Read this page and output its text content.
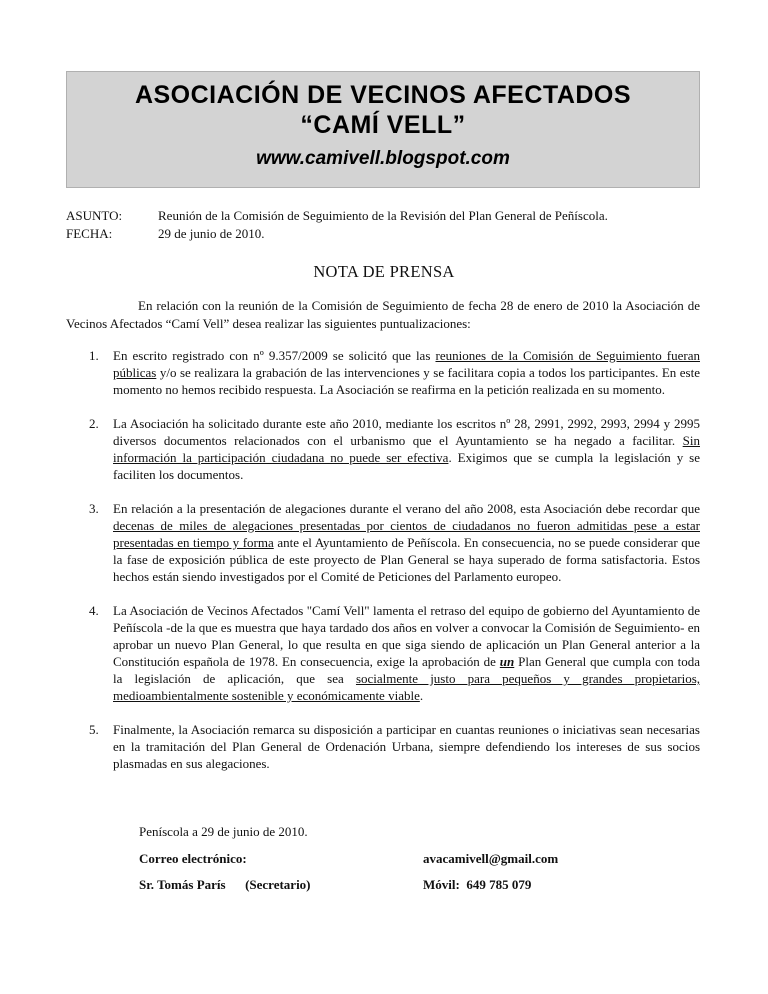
ASOCIACIÓN DE VECINOS AFECTADOS
“CAMÍ VELL”
www.camivell.blogspot.com
ASUNTO:	Reunión de la Comisión de Seguimiento de la Revisión del Plan General de Peñíscola.
FECHA:	29 de junio de 2010.
NOTA DE PRENSA
En relación con la reunión de la Comisión de Seguimiento de fecha 28 de enero de 2010 la Asociación de Vecinos Afectados “Camí Vell” desea realizar las siguientes puntualizaciones:
1. En escrito registrado con nº 9.357/2009 se solicitó que las reuniones de la Comisión de Seguimiento fueran públicas y/o se realizara la grabación de las intervenciones y se facilitara copia a todos los participantes. En este momento no hemos recibido respuesta. La Asociación se reafirma en la petición realizada en su momento.
2. La Asociación ha solicitado durante este año 2010, mediante los escritos nº 28, 2991, 2992, 2993, 2994 y 2995 diversos documentos relacionados con el urbanismo que el Ayuntamiento se ha negado a facilitar. Sin información la participación ciudadana no puede ser efectiva. Exigimos que se cumpla la legislación y se faciliten los documentos.
3. En relación a la presentación de alegaciones durante el verano del año 2008, esta Asociación debe recordar que decenas de miles de alegaciones presentadas por cientos de ciudadanos no fueron admitidas pese a estar presentadas en tiempo y forma ante el Ayuntamiento de Peñíscola. En consecuencia, no se puede considerar que la fase de exposición pública de este proyecto de Plan General se haya superado de forma satisfactoria. Estos hechos están siendo investigados por el Comité de Peticiones del Parlamento europeo.
4. La Asociación de Vecinos Afectados "Camí Vell" lamenta el retraso del equipo de gobierno del Ayuntamiento de Peñíscola -de la que es muestra que haya tardado dos años en volver a convocar la Comisión de Seguimiento- en aprobar un nuevo Plan General, lo que resulta en que siga siendo de aplicación un Plan General anterior a la Constitución española de 1978. En consecuencia, exige la aprobación de un Plan General que cumpla con toda la legislación de aplicación, que sea socialmente justo para pequeños y grandes propietarios, medioambientalmente sostenible y económicamente viable.
5. Finalmente, la Asociación remarca su disposición a participar en cuantas reuniones o iniciativas sean necesarias en la tramitación del Plan General de Ordenación Urbana, siempre defendiendo los intereses de sus socios plasmadas en sus alegaciones.
Peníscola a 29 de junio de 2010.
Correo electrónico:	avacamivell@gmail.com
Sr. Tomás París      (Secretario)	Móvil:  649 785 079
